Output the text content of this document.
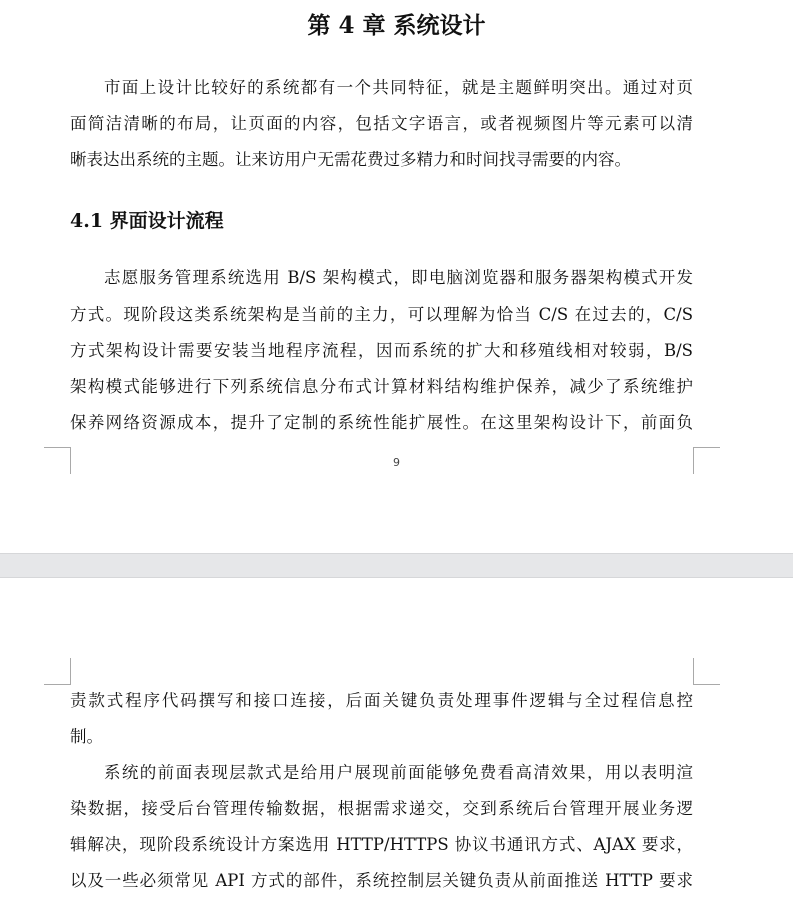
第 4 章 系统设计
市面上设计比较好的系统都有一个共同特征，就是主题鲜明突出。通过对页
面简洁清晰的布局，让页面的内容，包括文字语言，或者视频图片等元素可以清
晰表达出系统的主题。让来访用户无需花费过多精力和时间找寻需要的内容。
4.1 界面设计流程
志愿服务管理系统选用 B/S 架构模式，即电脑浏览器和服务器架构模式开发
方式。现阶段这类系统架构是当前的主力，可以理解为恰当 C/S 在过去的，C/S
方式架构设计需要安装当地程序流程，因而系统的扩大和移殖线相对较弱，B/S
架构模式能够进行下列系统信息分布式计算材料结构维护保养，减少了系统维护
保养网络资源成本，提升了定制的系统性能扩展性。在这里架构设计下，前面负
9
责款式程序代码撰写和接口连接，后面关键负责处理事件逻辑与全过程信息控
制。
系统的前面表现层款式是给用户展现前面能够免费看高清效果，用以表明渲
染数据，接受后台管理传输数据，根据需求递交，交到系统后台管理开展业务逻
辑解决，现阶段系统设计方案选用 HTTP/HTTPS 协议书通讯方式、AJAX 要求，
以及一些必须常见 API 方式的部件，系统控制层关键负责从前面推送 HTTP 要求
